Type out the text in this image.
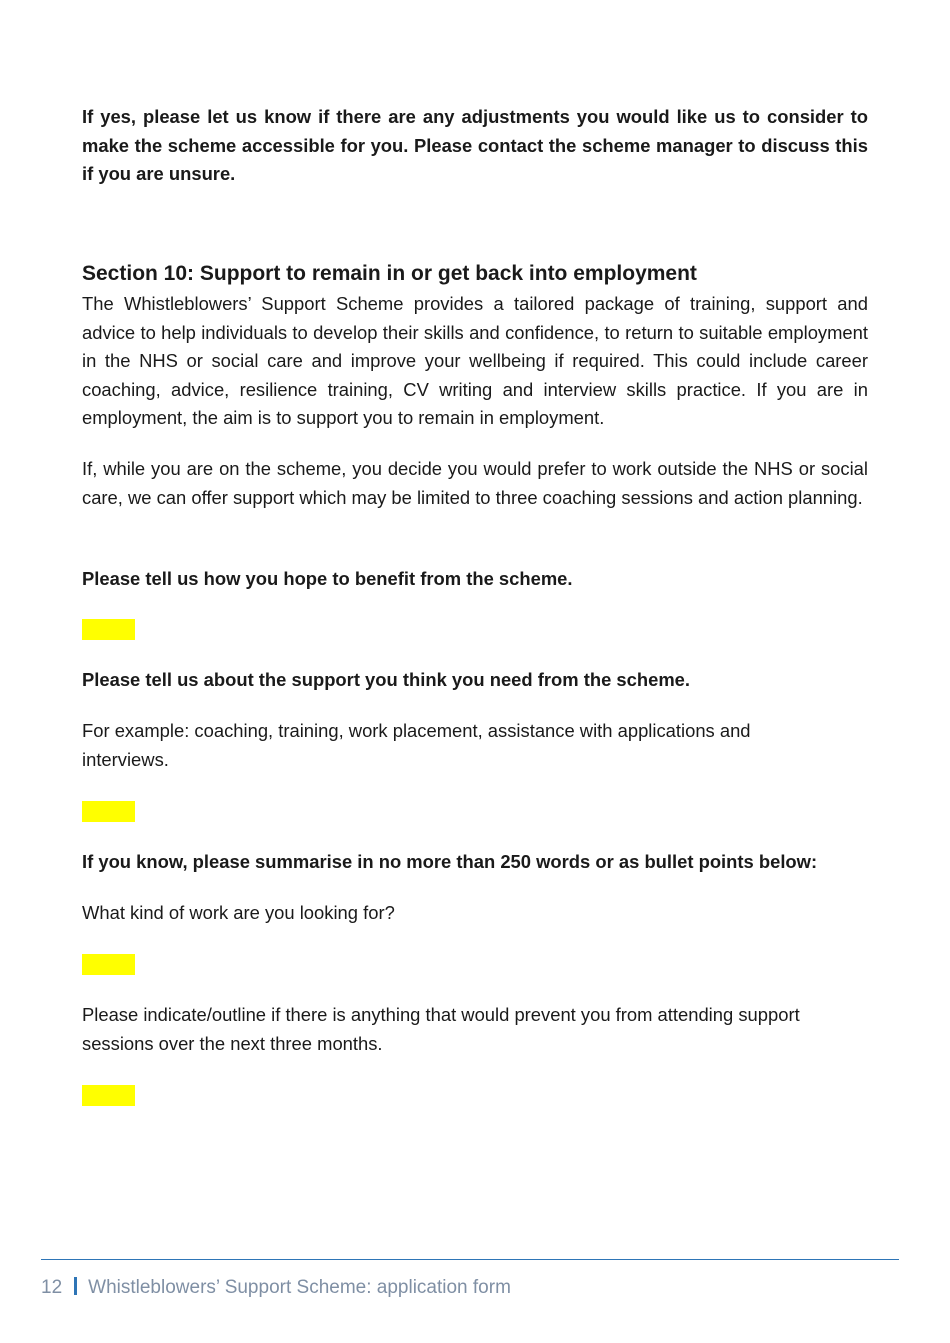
If yes, please let us know if there are any adjustments you would like us to consider to make the scheme accessible for you. Please contact the scheme manager to discuss this if you are unsure.

Section 10: Support to remain in or get back into employment

The Whistleblowers’ Support Scheme provides a tailored package of training, support and advice to help individuals to develop their skills and confidence, to return to suitable employment in the NHS or social care and improve your wellbeing if required. This could include career coaching, advice, resilience training, CV writing and interview skills practice. If you are in employment, the aim is to support you to remain in employment.

If, while you are on the scheme, you decide you would prefer to work outside the NHS or social care, we can offer support which may be limited to three coaching sessions and action planning.

Please tell us how you hope to benefit from the scheme.

Please tell us about the support you think you need from the scheme.

For example: coaching, training, work placement, assistance with applications and interviews.

If you know, please summarise in no more than 250 words or as bullet points below:

What kind of work are you looking for?

Please indicate/outline if there is anything that would prevent you from attending support sessions over the next three months.

12 Whistleblowers’ Support Scheme: application form
